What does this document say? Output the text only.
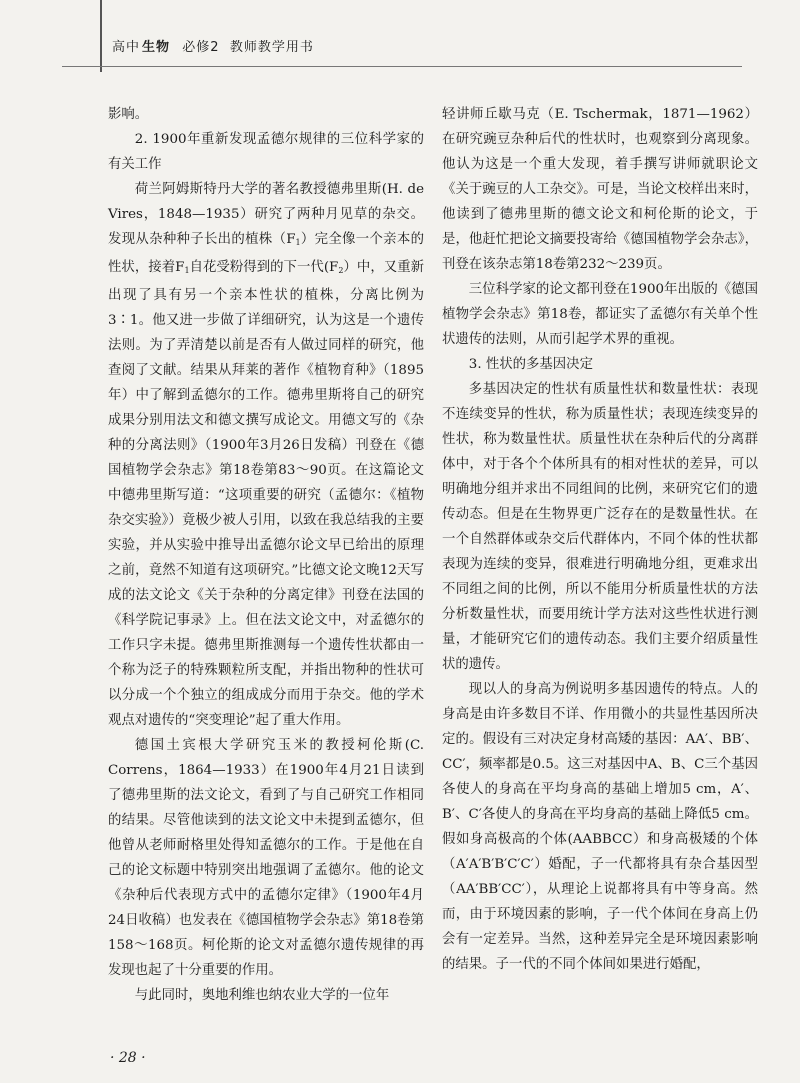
高中 生物 必修2 教师教学用书

影响。

2. 1900年重新发现孟德尔规律的三位科学家的有关工作

荷兰阿姆斯特丹大学的著名教授德弗里斯(H. de Vires，1848—1935）研究了两种月见草的杂交。发现从杂种种子长出的植株$(F_1)$完全像一个亲本的性状，接着$F_1$自花受粉得到的下一代$(F_2)$中，又重新出现了具有另一个亲本性状的植株，分离比例为3∶1。他又进一步做了详细研究，认为这是一个遗传法则。为了弄清楚以前是否有人做过同样的研究，他查阅了文献。结果从拜莱的著作《植物育种》（1895年）中了解到孟德尔的工作。德弗里斯将自己的研究成果分别用法文和德文撰写成论文。用德文写的《杂种的分离法则》（1900年3月26日发稿）刊登在《德国植物学会杂志》第18卷第83～90页。在这篇论文中德弗里斯写道：“这项重要的研究（孟德尔：《植物杂交实验》）竟极少被人引用，以致在我总结我的主要实验，并从实验中推导出孟德尔论文早已给出的原理之前，竟然不知道有这项研究。”比德文论文晚12天写成的法文论文《关于杂种的分离定律》刊登在法国的《科学院记事录》上。但在法文论文中，对孟德尔的工作只字未提。德弗里斯推测每一个遗传性状都由一个称为泛子的特殊颗粒所支配，并指出物种的性状可以分成一个个独立的组成成分而用于杂交。他的学术观点对遗传的“突变理论”起了重大作用。

德国土宾根大学研究玉米的教授柯伦斯(C. Correns，1864—1933）在1900年4月21日读到了德弗里斯的法文论文，看到了与自己研究工作相同的结果。尽管他读到的法文论文中未提到孟德尔，但他曾从老师耐格里处得知孟德尔的工作。于是他在自己的论文标题中特别突出地强调了孟德尔。他的论文《杂种后代表现方式中的孟德尔定律》（1900年4月24日收稿）也发表在《德国植物学会杂志》第18卷第158～168页。柯伦斯的论文对孟德尔遗传规律的再发现也起了十分重要的作用。

与此同时，奥地利维也纳农业大学的一位年

轻讲师丘歇马克（E. Tschermak，1871—1962）在研究豌豆杂种后代的性状时，也观察到分离现象。他认为这是一个重大发现，着手撰写讲师就职论文《关于豌豆的人工杂交》。可是，当论文校样出来时，他读到了德弗里斯的德文论文和柯伦斯的论文，于是，他赶忙把论文摘要投寄给《德国植物学会杂志》，刊登在该杂志第18卷第232～239页。

三位科学家的论文都刊登在1900年出版的《德国植物学会杂志》第18卷，都证实了孟德尔有关单个性状遗传的法则，从而引起学术界的重视。

3. 性状的多基因决定

多基因决定的性状有质量性状和数量性状：表现不连续变异的性状，称为质量性状；表现连续变异的性状，称为数量性状。质量性状在杂种后代的分离群体中，对于各个个体所具有的相对性状的差异，可以明确地分组并求出不同组间的比例，来研究它们的遗传动态。但是在生物界更广泛存在的是数量性状。在一个自然群体或杂交后代群体内，不同个体的性状都表现为连续的变异，很难进行明确地分组，更难求出不同组之间的比例，所以不能用分析质量性状的方法分析数量性状，而要用统计学方法对这些性状进行测量，才能研究它们的遗传动态。我们主要介绍质量性状的遗传。

现以人的身高为例说明多基因遗传的特点。人的身高是由许多数目不详、作用微小的共显性基因所决定的。假设有三对决定身材高矮的基因：AA′、BB′、CC′，频率都是0.5。这三对基因中A、B、C三个基因各使人的身高在平均身高的基础上增加5 cm，A′、B′、C′各使人的身高在平均身高的基础上降低5 cm。假如身高极高的个体(AABBCC）和身高极矮的个体（A′A′B′B′C′C′）婚配，子一代都将具有杂合基因型（AA′BB′CC′），从理论上说都将具有中等身高。然而，由于环境因素的影响，子一代个体间在身高上仍会有一定差异。当然，这种差异完全是环境因素影响的结果。子一代的不同个体间如果进行婚配，

· 28 ·
